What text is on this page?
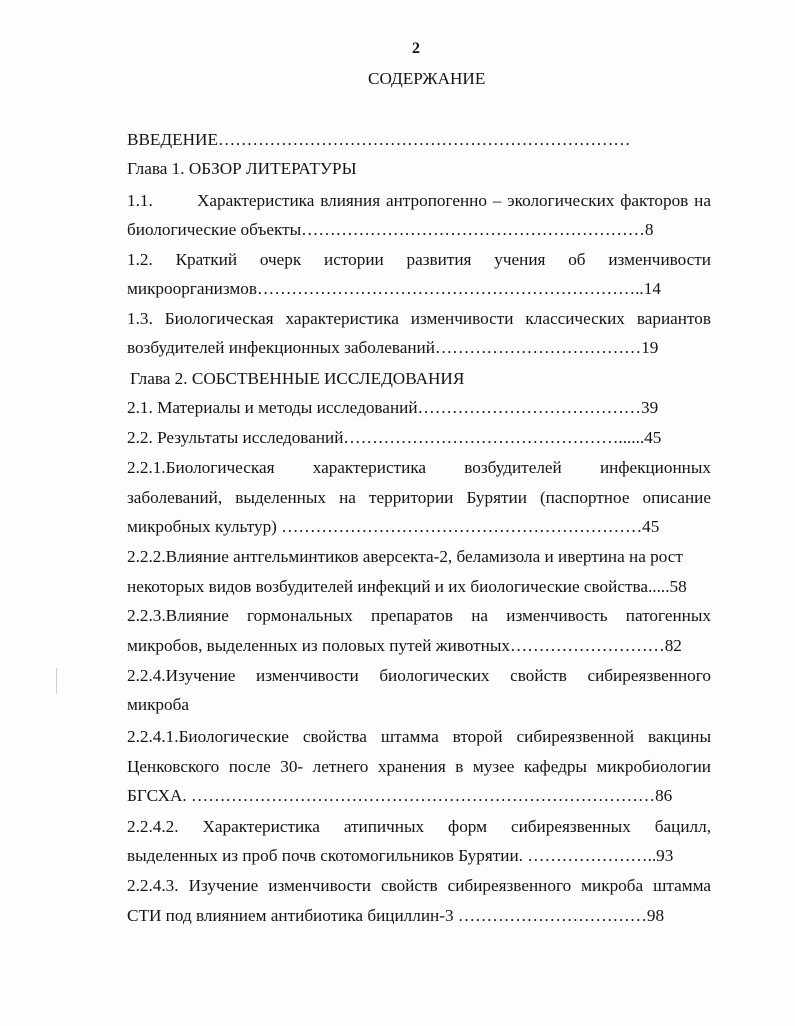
2
СОДЕРЖАНИЕ
ВВЕДЕНИЕ………………………………………………………………
Глава 1. ОБЗОР ЛИТЕРАТУРЫ
1.1.	Характеристика влияния антропогенно – экологических факторов на
биологические объекты……………………………………………………8
1.2. Краткий очерк истории развития учения об изменчивости
микроорганизмов…………………………………………………………..14
1.3. Биологическая характеристика изменчивости классических вариантов
возбудителей инфекционных заболеваний………………………………19
Глава 2. СОБСТВЕННЫЕ ИССЛЕДОВАНИЯ
2.1. Материалы и методы исследований…………………………………39
2.2. Результаты исследований…………………………………………......45
2.2.1.Биологическая характеристика возбудителей инфекционных
заболеваний, выделенных на территории Бурятии (паспортное описание
микробных культур) ………………………………………………………45
2.2.2.Влияние антгельминтиков аверсекта-2, беламизола и ивертина на рост
некоторых видов возбудителей инфекций и их биологические свойства.....58
2.2.3.Влияние гормональных препаратов на изменчивость патогенных
микробов, выделенных из половых путей животных………………………82
2.2.4.Изучение изменчивости биологических свойств сибиреязвенного
микроба
2.2.4.1.Биологические свойства штамма второй сибиреязвенной вакцины
Ценковского после 30- летнего хранения в музее кафедры микробиологии
БГСХА. ………………………………………………………………………86
2.2.4.2. Характеристика атипичных форм сибиреязвенных бацилл,
выделенных из проб почв скотомогильников Бурятии. …………………..93
2.2.4.3. Изучение изменчивости свойств сибиреязвенного микроба штамма
СТИ под влиянием антибиотика бициллин-3 ……………………………98
